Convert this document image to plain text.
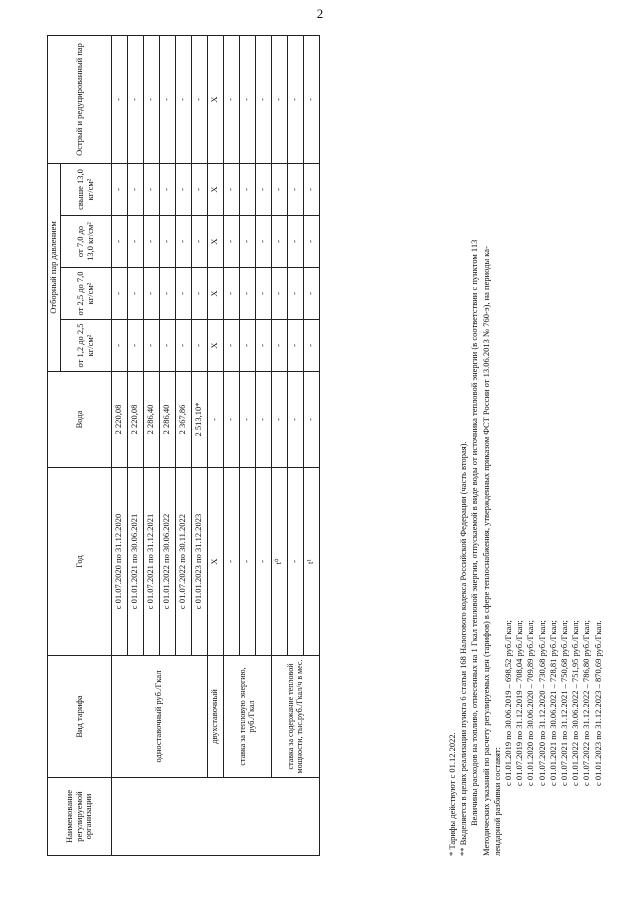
2
Наименование регулируемой организации	Вид тарифа	Год	Вода	Отборный пар давлением				Острый и редуцированный пар
				от 1,2 до 2,5 кг/см²	от 2,5 до 7,0 кг/см²	от 7,0 до 13,0 кг/см²	свыше 13,0 кг/см²	
	одноставочный руб./Гкал	с 01.07.2020 по 31.12.2020	2 220,08	-	-	-	-	-
		с 01.01.2021 по 30.06.2021	2 220,08	-	-	-	-	-
		с 01.07.2021 по 31.12.2021	2 286,40	-	-	-	-	-
		с 01.01.2022 по 30.06.2022	2 286,40	-	-	-	-	-
		с 01.07.2022 по 30.11.2022	2 367,86	-	-	-	-	-
		с 01.01.2023 по 31.12.2023	2 513,10*	-	-	-	-	-
	двухставочный	X	-	X	X	X	X	X
	ставка за тепловую энергию, руб./Гкал	-	-	-	-	-	-	-
		-	-	-	-	-	-	-
		-	-	-	-	-	-	-
	ставка за содержание тепловой мощности, тыс.руб./Гкал/ч в мес.	t⁰	-	-	-	-	-	-
		-	-	-	-	-	-	-
		t¹	-	-	-	-	-	-

* Тарифы действуют с 01.12.2022. ** Выделяется в целях реализации пункта 6 статьи 168 Налогового кодекса Российской Федерации (часть вторая). Величины расходов на топливо, отнесенных на 1 Гкал тепловой энергии, отпускаемой в виде воды от источника тепловой энергии (в соответствии с пунктом 113 Методических указаний по расчету регулируемых цен (тарифов) в сфере теплоснабжения, утвержденных приказом ФСТ России от 13.06.2013 № 760-э), на периоды ка- лендарной разбивки составят:

с 01.01.2019 по 30.06.2019 – 698,52 руб./Гкал; с 01.07.2019 по 31.12.2019 – 708,04 руб./Гкал; с 01.01.2020 по 30.06.2020 – 709,89 руб./Гкал; с 01.07.2020 по 31.12.2020 – 730,68 руб./Гкал; с 01.01.2021 по 30.06.2021 – 728,81 руб./Гкал; с 01.07.2021 по 31.12.2021 – 750,68 руб./Гкал; с 01.01.2022 по 30.06.2022 – 751,95 руб./Гкал; с 01.07.2022 по 31.12.2022 – 786,80 руб./Гкал; с 01.01.2023 по 31.12.2023 – 870,69 руб./Гкал.
